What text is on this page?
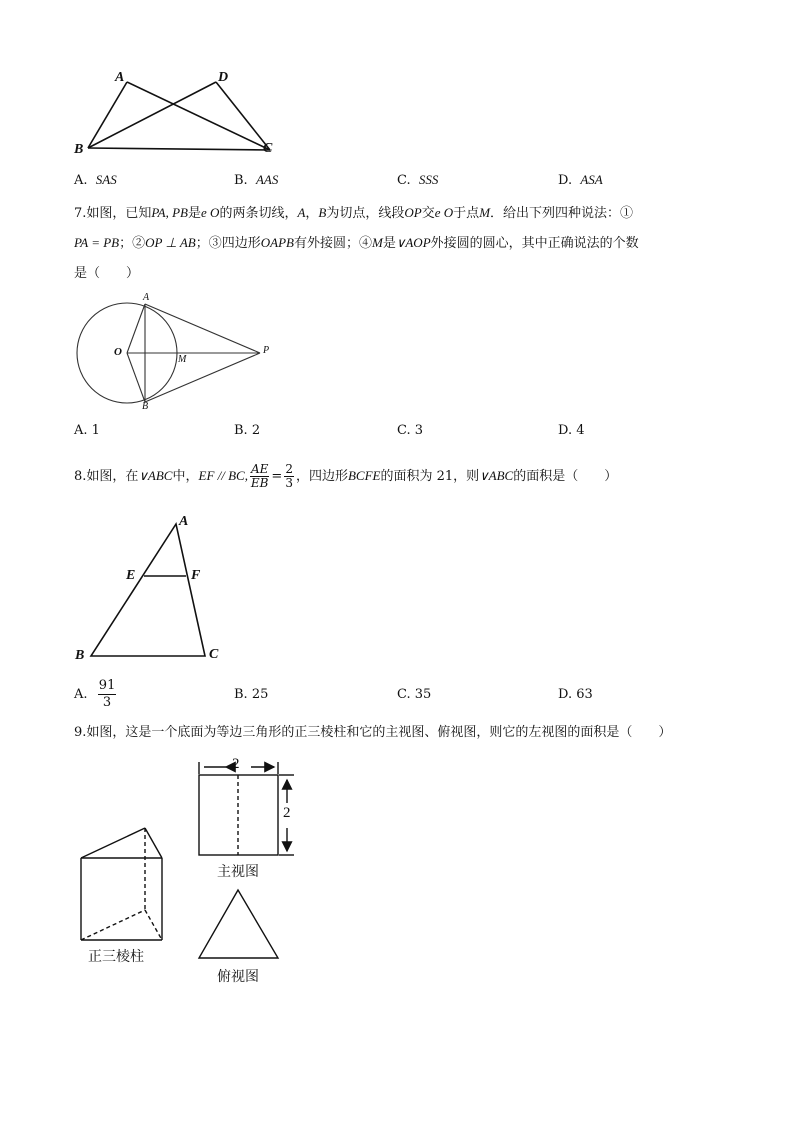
A	D
B	C
A. SAS	B. AAS	C. SSS	D. ASA
7.如图，已知PA, PB是e O的两条切线，A，B为切点，线段OP交e O于点M．给出下列四种说法：①
PA = PB；②OP ⊥ AB；③四边形OAPB有外接圆；④M是∨AOP外接圆的圆心，其中正确说法的个数
是（　　）
A
O
M
P
B
A. 1	B. 2	C. 3	D. 4
8.如图，在∨ABC中，EF // BC, $\frac{AE}{EB} = \frac{2}{3}$ ，四边形BCFE的面积为 21，则∨ABC的面积是（　　）
A
E	F
B	C
A.
$\frac{91}{3}$	B. 25	C. 35	D. 63
9.如图，这是一个底面为等边三角形的正三棱柱和它的主视图、俯视图，则它的左视图的面积是（　　）
2
2
正三棱柱
主视图
俯视图
